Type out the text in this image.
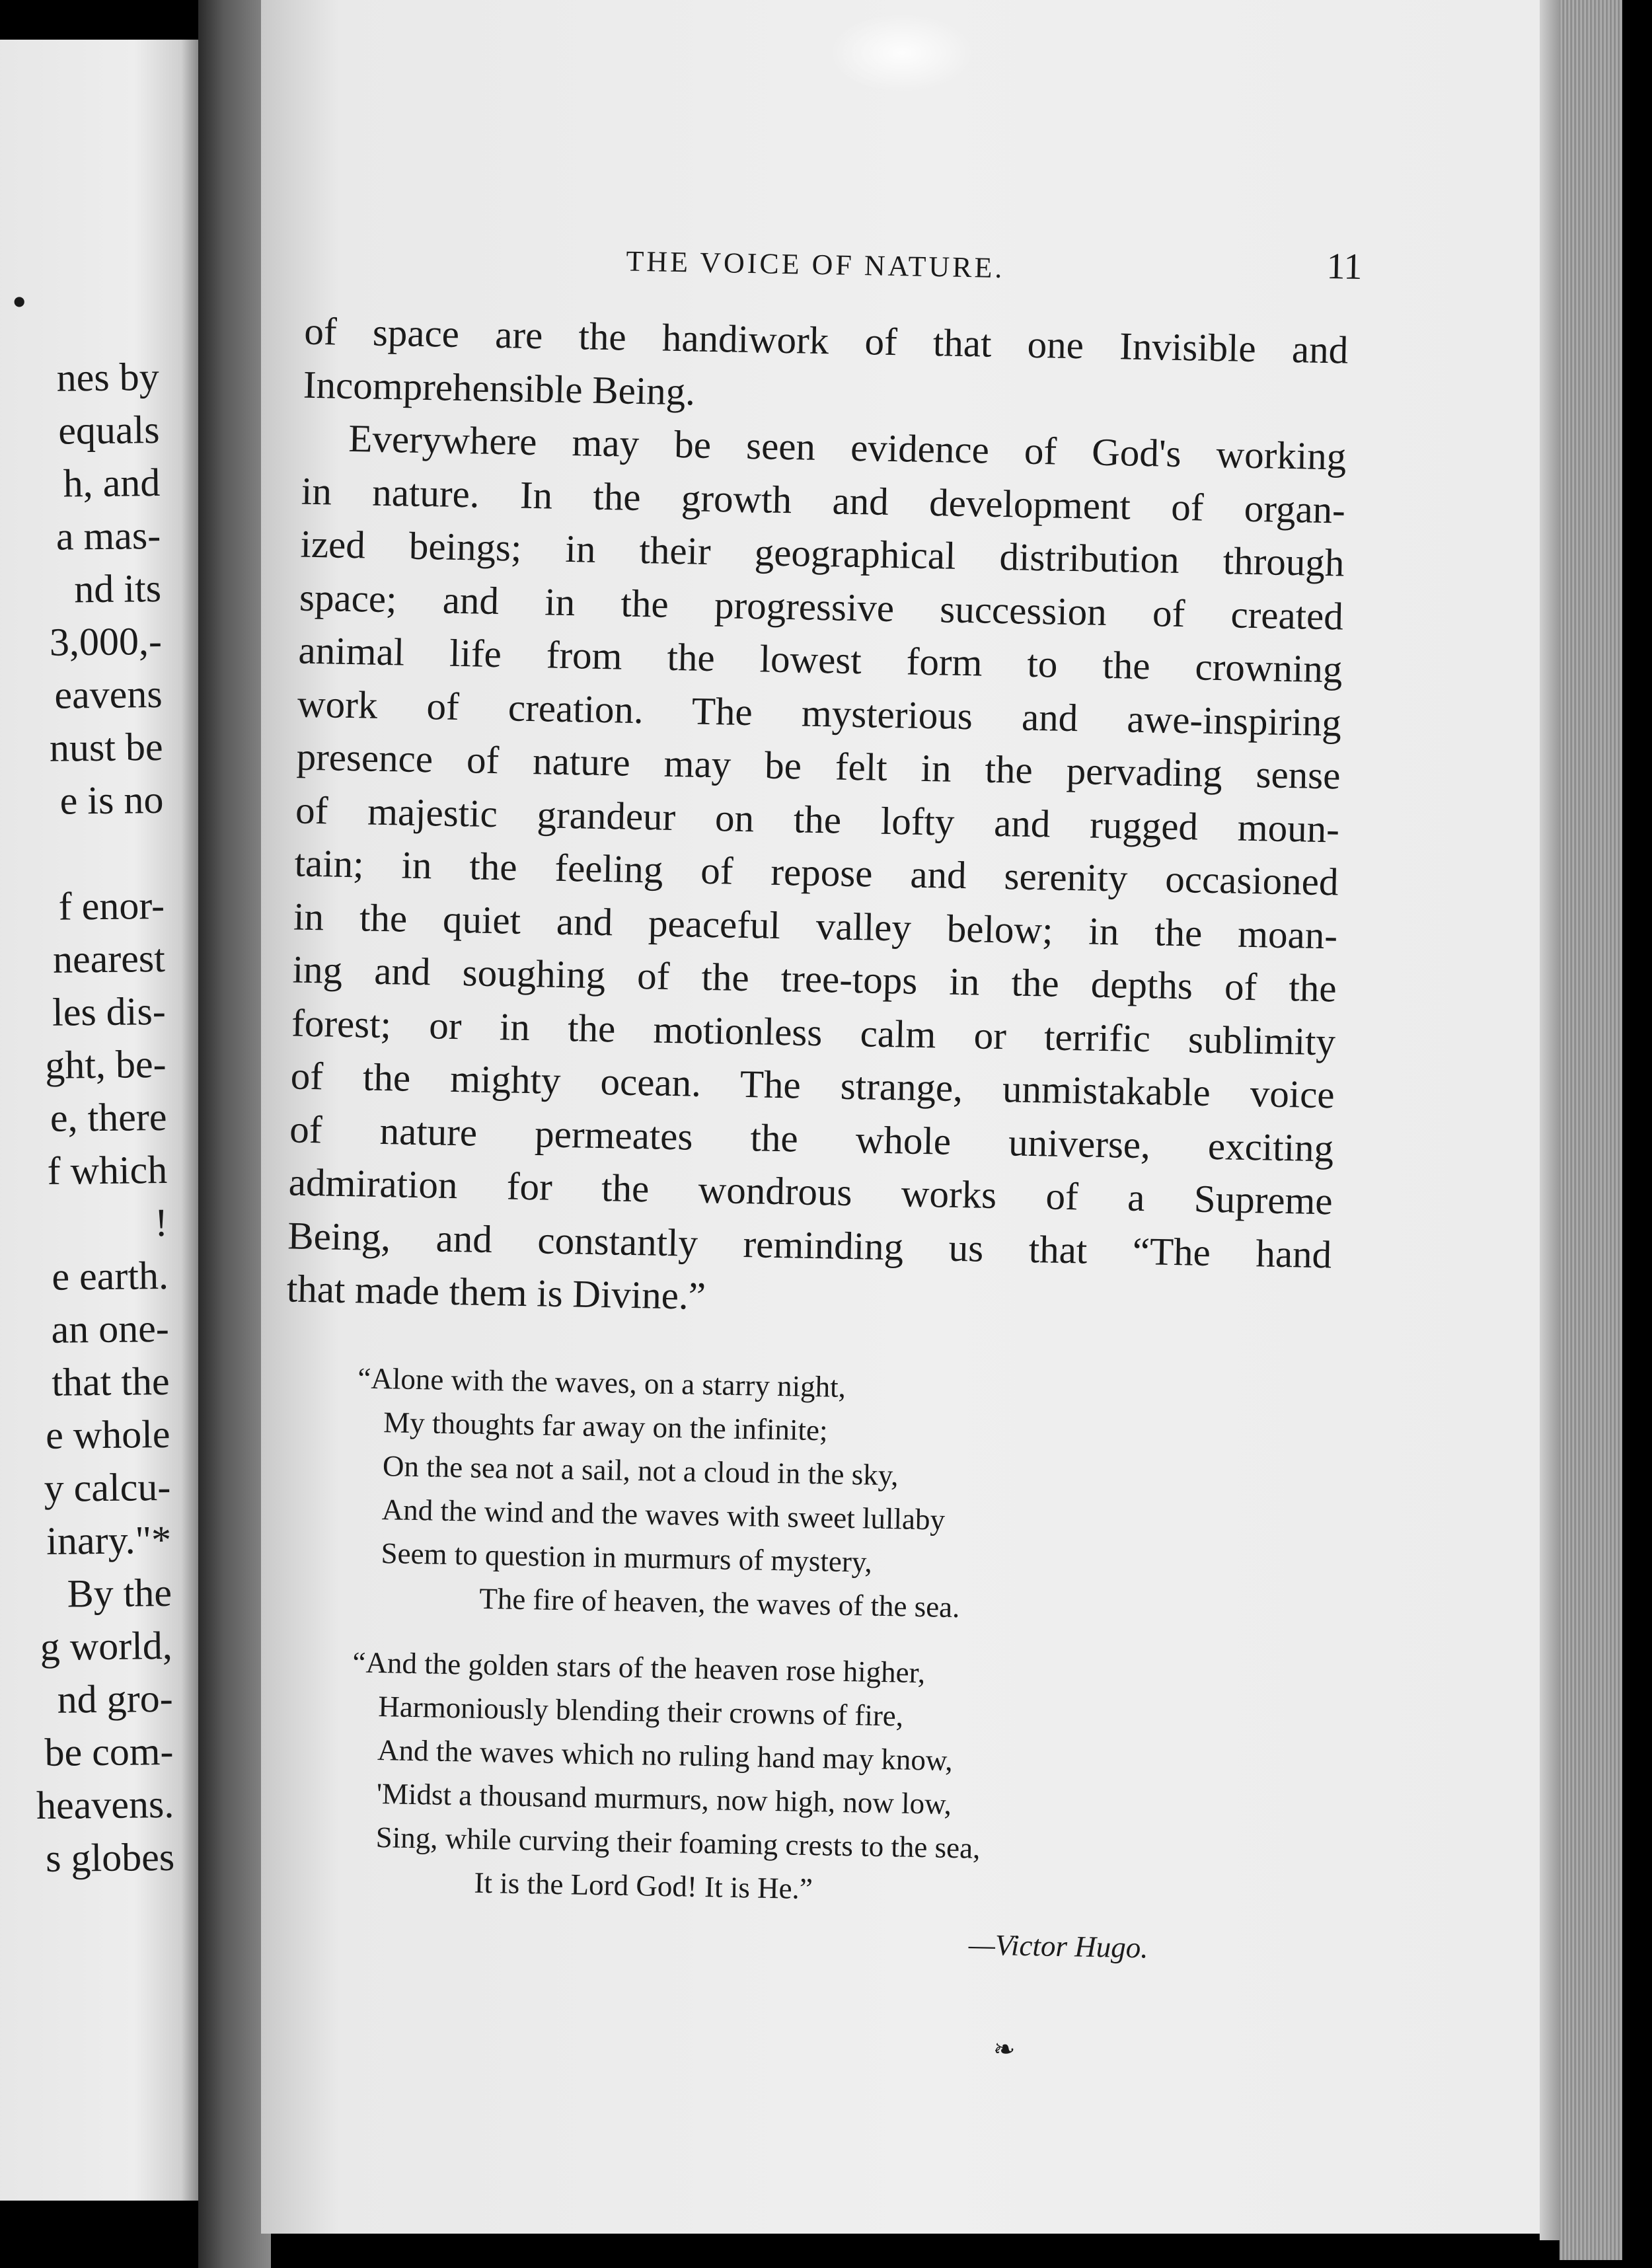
•
nes by
equals
h, and
a mas-
nd its
3,000,-
eavens
nust be
e is no
f enor-
nearest
les dis-
ght, be-
e, there
f which
!
e earth.
an one-
that the
e whole
y calcu-
inary."*
By the
g world,
nd gro-
be com-
heavens.
s globes
THE VOICE OF NATURE.	11
of space are the handiwork of that one Invisible and
Incomprehensible Being.
Everywhere may be seen evidence of God's working
in nature. In the growth and development of organ-
ized beings; in their geographical distribution through
space; and in the progressive succession of created
animal life from the lowest form to the crowning
work of creation. The mysterious and awe-inspiring
presence of nature may be felt in the pervading sense
of majestic grandeur on the lofty and rugged moun-
tain; in the feeling of repose and serenity occasioned
in the quiet and peaceful valley below; in the moan-
ing and soughing of the tree-tops in the depths of the
forest; or in the motionless calm or terrific sublimity
of the mighty ocean. The strange, unmistakable voice
of nature permeates the whole universe, exciting
admiration for the wondrous works of a Supreme
Being, and constantly reminding us that “The hand
that made them is Divine.”
“Alone with the waves, on a starry night,
My thoughts far away on the infinite;
On the sea not a sail, not a cloud in the sky,
And the wind and the waves with sweet lullaby
Seem to question in murmurs of mystery,
The fire of heaven, the waves of the sea.
“And the golden stars of the heaven rose higher,
Harmoniously blending their crowns of fire,
And the waves which no ruling hand may know,
'Midst a thousand murmurs, now high, now low,
Sing, while curving their foaming crests to the sea,
It is the Lord God! It is He.”
—Victor Hugo.
❧
